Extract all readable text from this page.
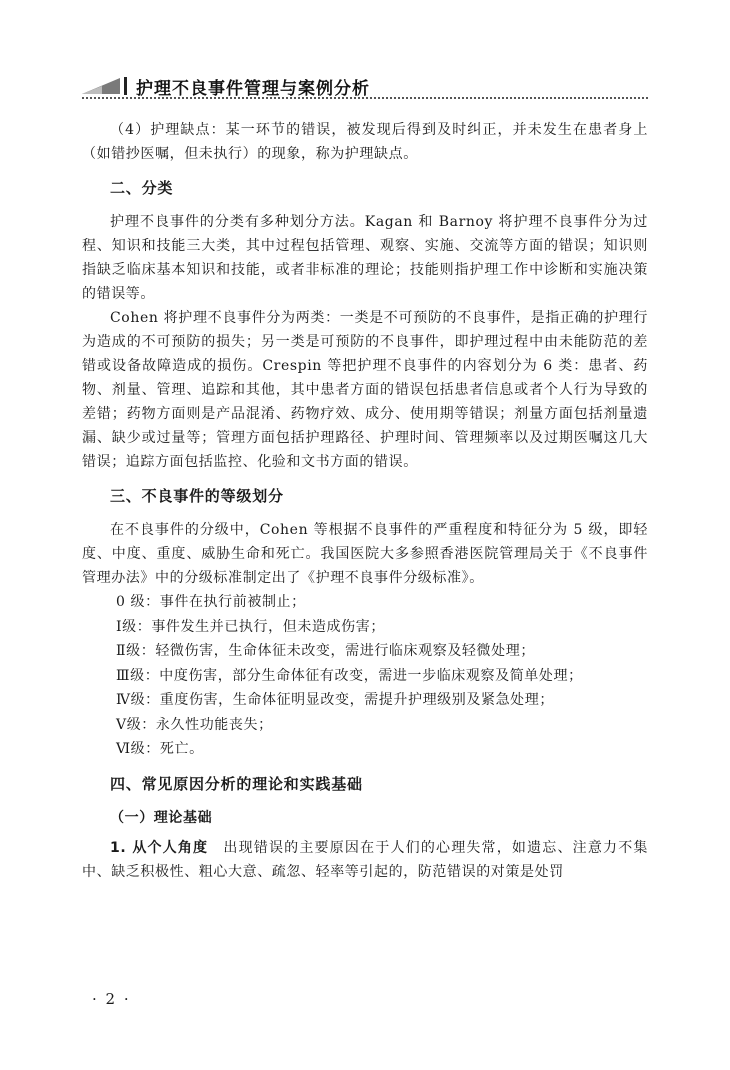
护理不良事件管理与案例分析

（4）护理缺点：某一环节的错误，被发现后得到及时纠正，并未发生在患者身上（如错抄医嘱，但未执行）的现象，称为护理缺点。

二、分类

护理不良事件的分类有多种划分方法。Kagan 和 Barnoy 将护理不良事件分为过程、知识和技能三大类，其中过程包括管理、观察、实施、交流等方面的错误；知识则指缺乏临床基本知识和技能，或者非标准的理论；技能则指护理工作中诊断和实施决策的错误等。

Cohen 将护理不良事件分为两类：一类是不可预防的不良事件，是指正确的护理行为造成的不可预防的损失；另一类是可预防的不良事件，即护理过程中由未能防范的差错或设备故障造成的损伤。Crespin 等把护理不良事件的内容划分为 6 类：患者、药物、剂量、管理、追踪和其他，其中患者方面的错误包括患者信息或者个人行为导致的差错；药物方面则是产品混淆、药物疗效、成分、使用期等错误；剂量方面包括剂量遗漏、缺少或过量等；管理方面包括护理路径、护理时间、管理频率以及过期医嘱这几大错误；追踪方面包括监控、化验和文书方面的错误。

三、不良事件的等级划分

在不良事件的分级中，Cohen 等根据不良事件的严重程度和特征分为 5 级，即轻度、中度、重度、威胁生命和死亡。我国医院大多参照香港医院管理局关于《不良事件管理办法》中的分级标准制定出了《护理不良事件分级标准》。

0 级：事件在执行前被制止；

Ⅰ级：事件发生并已执行，但未造成伤害；

Ⅱ级：轻微伤害，生命体征未改变，需进行临床观察及轻微处理；

Ⅲ级：中度伤害，部分生命体征有改变，需进一步临床观察及简单处理；

Ⅳ级：重度伤害，生命体征明显改变，需提升护理级别及紧急处理；

Ⅴ级：永久性功能丧失；

Ⅵ级：死亡。

四、常见原因分析的理论和实践基础
（一）理论基础

1. 从个人角度　出现错误的主要原因在于人们的心理失常，如遗忘、注意力不集中、缺乏积极性、粗心大意、疏忽、轻率等引起的，防范错误的对策是处罚

· 2 ·
